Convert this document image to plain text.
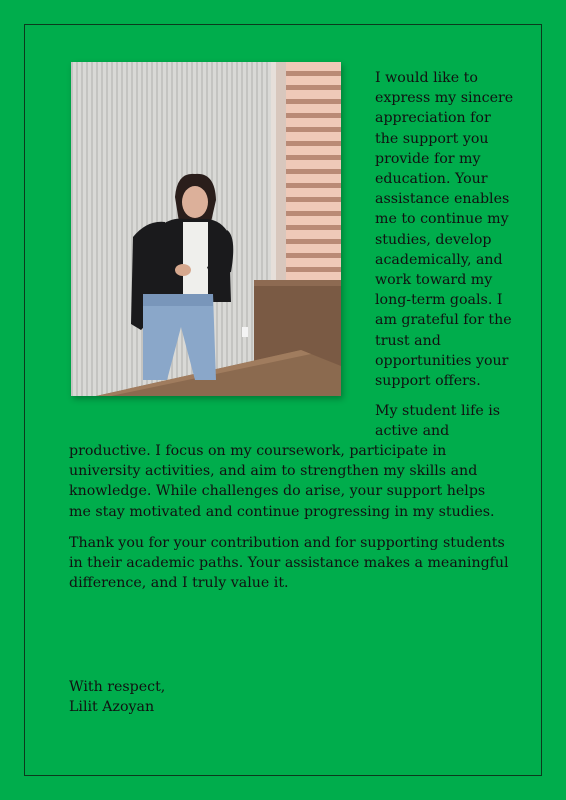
I would like to express my sincere appreciation for the support you provide for my education. Your assistance enables me to continue my studies, develop academically, and work toward my long-term goals. I am grateful for the trust and opportunities your support offers.

My student life is active and

productive. I focus on my coursework, participate in university activities, and aim to strengthen my skills and knowledge. While challenges do arise, your support helps me stay motivated and continue progressing in my studies.

Thank you for your contribution and for supporting students in their academic paths. Your assistance makes a meaningful difference, and I truly value it.

With respect,
Lilit Azoyan
